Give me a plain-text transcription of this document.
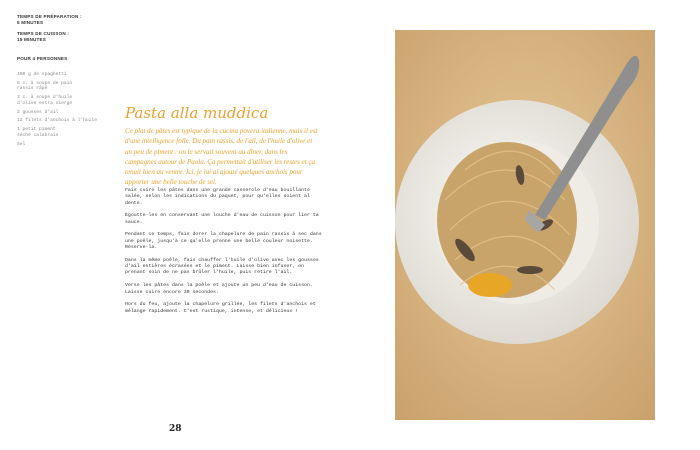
TEMPS DE PRÉPARATION :
5 MINUTES
TEMPS DE CUISSON :
15 MINUTES
POUR 4 PERSONNES
400 g de spaghetti
5 c. à soupe de pain rassis râpé
3 c. à soupe d'huile d'olive extra vierge
2 gousses d'ail
12 filets d'anchois à l'huile
1 petit piment séché calabrais
Sel
Pasta alla muddica
Ce plat de pâtes est typique de la cucina povera italienne, mais il est d'une intelligence folle. Du pain rassis, de l'ail, de l'huile d'olive et un peu de piment : on le servait souvent au dîner, dans les campagnes autour de Paola. Ça permettait d'utiliser les restes et ça tenait bien au ventre. Ici, je lui ai ajouté quelques anchois pour apporter une belle touche de sel.

Fais cuire les pâtes dans une grande casserole d'eau bouillante salée, selon les indications du paquet, pour qu'elles soient al dente.

Égoutte-les en conservant une louche d'eau de cuisson pour lier ta sauce.

Pendant ce temps, fais dorer la chapelure de pain rassis à sec dans une poêle, jusqu'à ce qu'elle prenne une belle couleur noisette. Réserve-la.

Dans la même poêle, fais chauffer l'huile d'olive avec les gousses d'ail entières écrasées et le piment. Laisse bien infuser, en prenant soin de ne pas brûler l'huile, puis retire l'ail.

Verse les pâtes dans la poêle et ajoute un peu d'eau de cuisson. Laisse cuire encore 30 secondes.

Hors du feu, ajoute la chapelure grillée, les filets d'anchois et mélange rapidement. C'est rustique, intense, et délicieux !

28
